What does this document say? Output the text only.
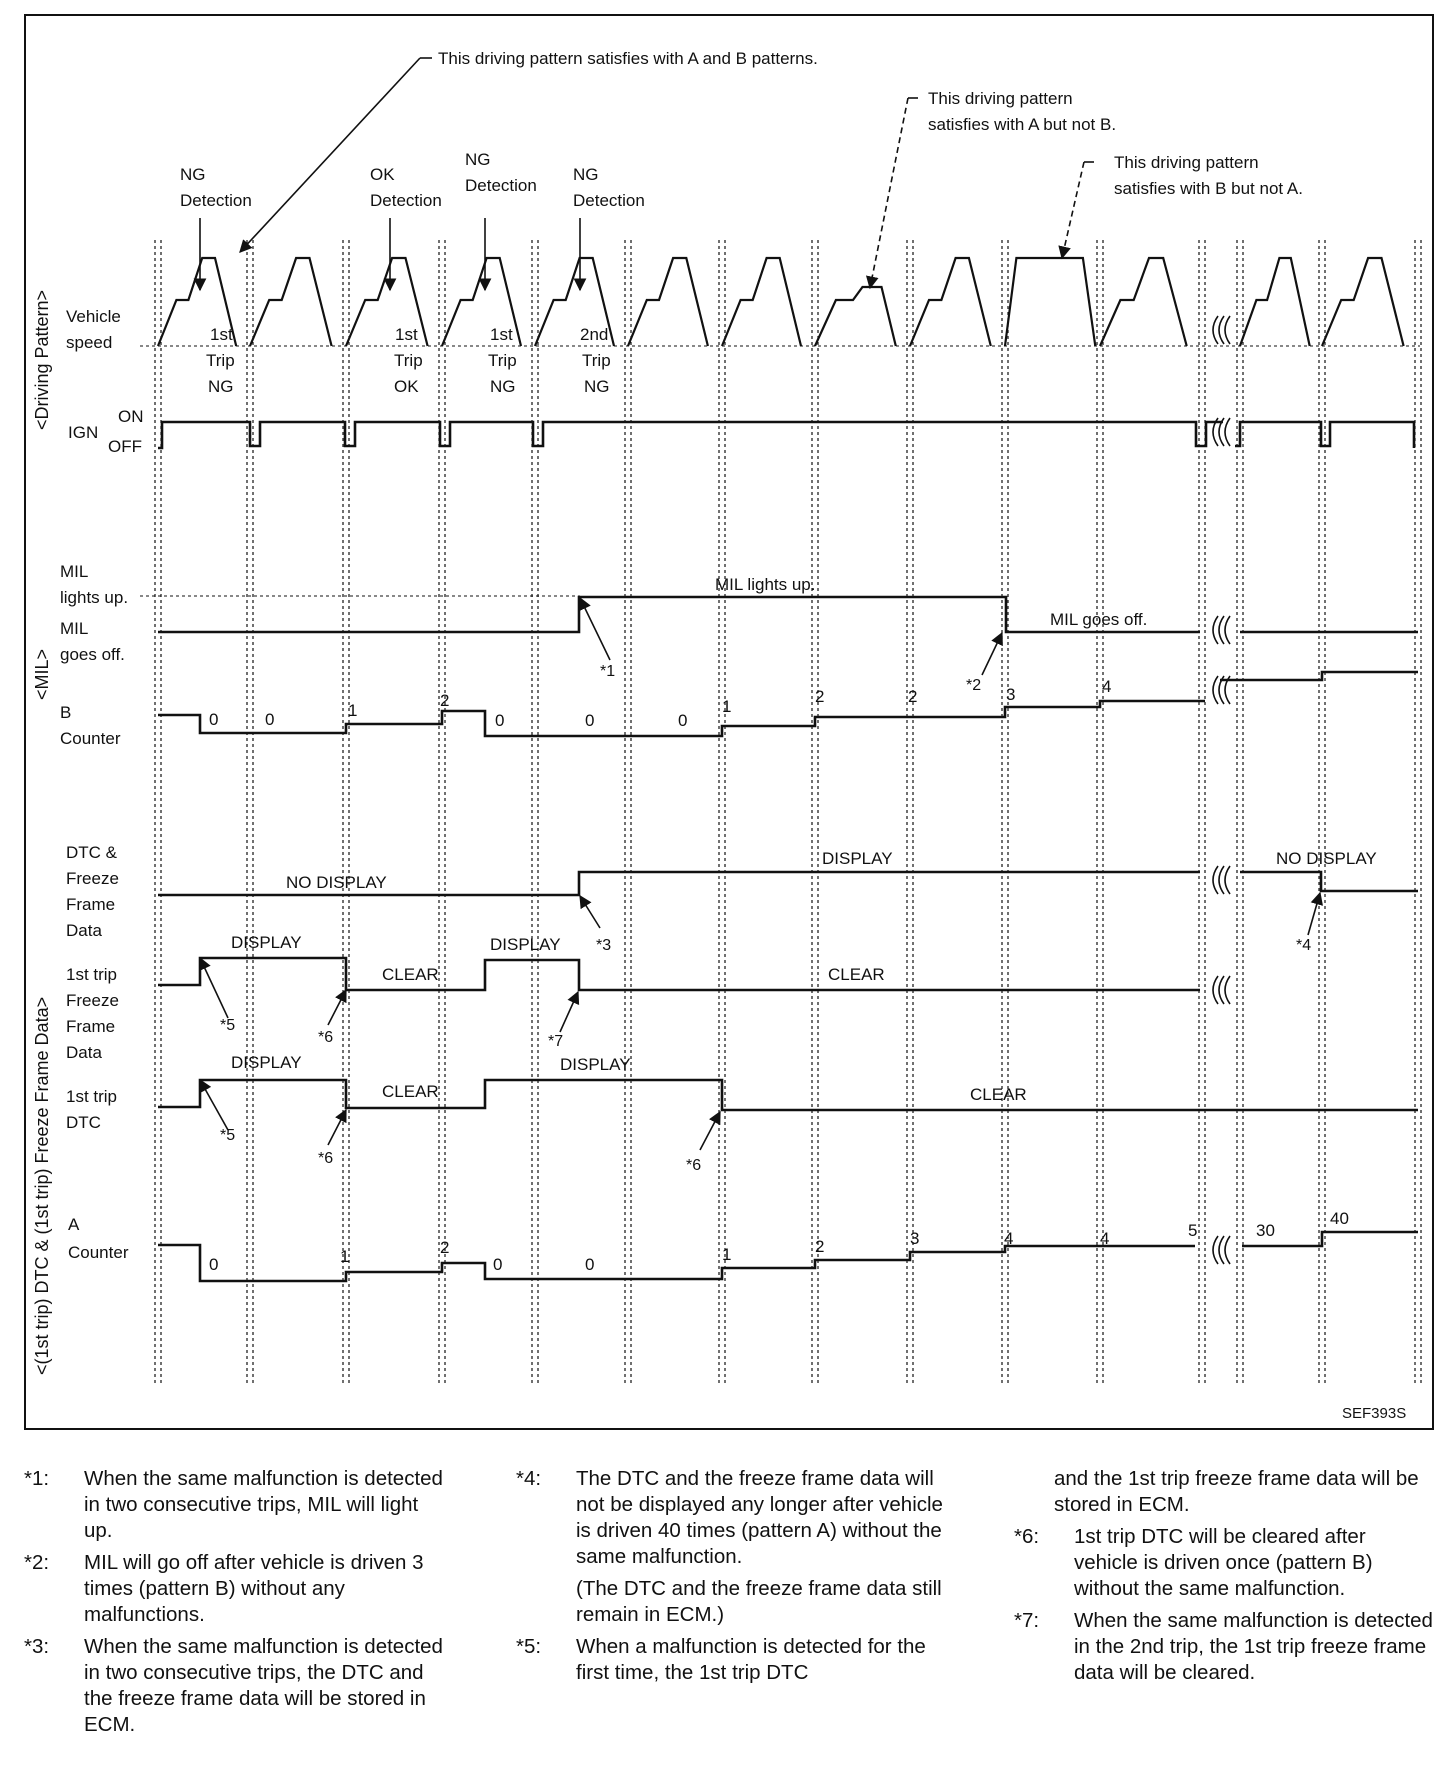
This driving pattern satisfies with A and B patterns.
This driving pattern
satisfies with A but not B.
This driving pattern
satisfies with B but not A.
NG
Detection
OK
Detection
NG
Detection
NG
Detection
1st
Trip
NG
1st
Trip
OK
1st
Trip
NG
2nd
Trip
NG
Vehicle
speed
IGN
ON
OFF
MIL
lights up.
MIL
goes off.
B
Counter
DTC &
Freeze
Frame
Data
1st trip
Freeze
Frame
Data
1st trip
DTC
A
Counter
<Driving Pattern>
<MIL>
<(1st trip) DTC & (1st trip) Freeze Frame Data>
MIL lights up.
MIL goes off.
NO DISPLAY
DISPLAY	NO DISPLAY
DISPLAY
CLEAR
DISPLAY
CLEAR
DISPLAY
CLEAR
DISPLAY
CLEAR
*1
*2
*3	*4
*5
*6	*7
*5
*6	*6
0	0	1
2
0	0	0
1
2	2	3	4
0	1	2
0	0
1	2	3	4	4	5	30
40
SEF393S
*1:	When the same malfunction is detected in two consecutive trips, MIL will light up.
*2:	MIL will go off after vehicle is driven 3 times (pattern B) without any malfunctions.
*3:	When the same malfunction is detected in two consecutive trips, the DTC and the freeze frame data will be stored in ECM.
*4:	The DTC and the freeze frame data will not be displayed any longer after vehicle is driven 40 times (pattern A) without the same malfunction.
(The DTC and the freeze frame data still remain in ECM.)
*5:	When a malfunction is detected for the first time, the 1st trip DTC
and the 1st trip freeze frame data will be stored in ECM.
*6:	1st trip DTC will be cleared after vehicle is driven once (pattern B) without the same malfunction.
*7:	When the same malfunction is detected in the 2nd trip, the 1st trip freeze frame data will be cleared.
